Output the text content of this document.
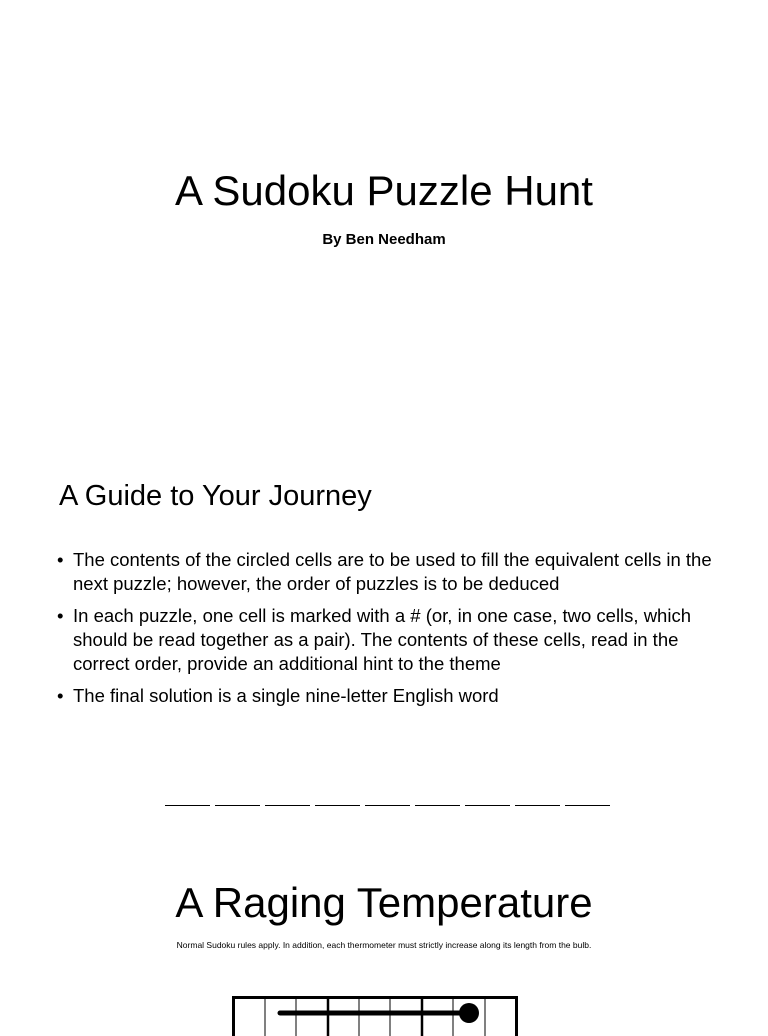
A Sudoku Puzzle Hunt
By Ben Needham
A Guide to Your Journey
• The contents of the circled cells are to be used to fill the equivalent cells in the next puzzle; however, the order of puzzles is to be deduced
• In each puzzle, one cell is marked with a # (or, in one case, two cells, which should be read together as a pair). The contents of these cells, read in the correct order, provide an additional hint to the theme
• The final solution is a single nine-letter English word
A Raging Temperature
Normal Sudoku rules apply. In addition, each thermometer must strictly increase along its length from the bulb.
